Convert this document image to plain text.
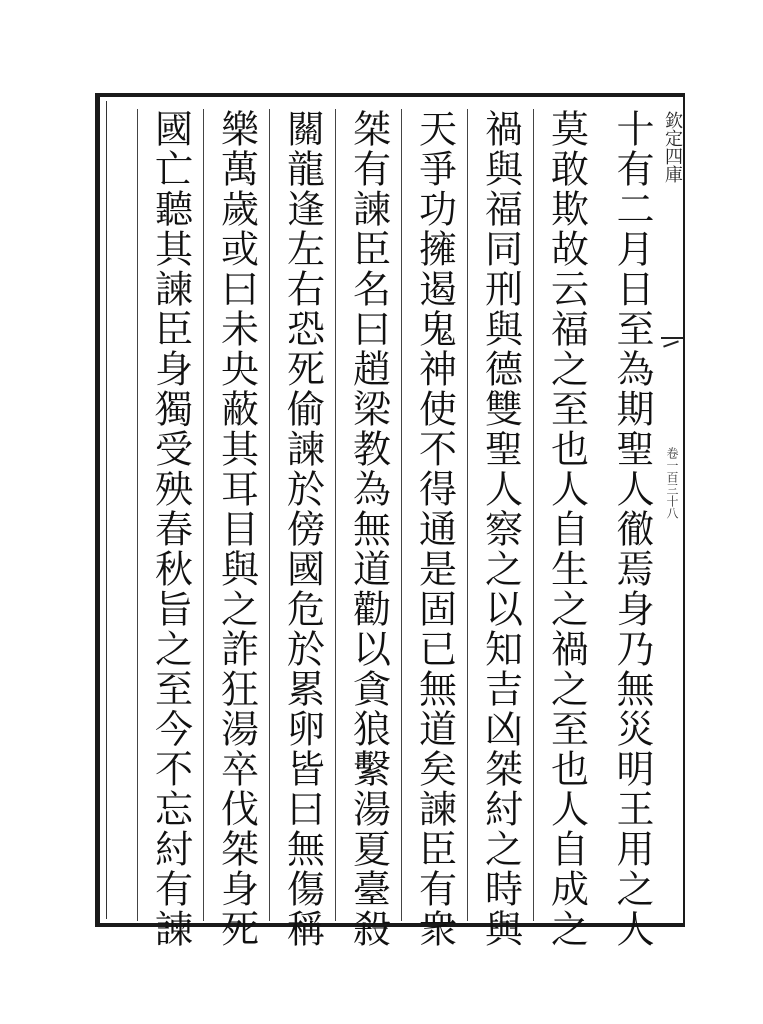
十有二月日至為期聖人徹焉身乃無災明王用之人
莫敢欺故云福之至也人自生之禍之至也人自成之
禍與福同刑與德雙聖人察之以知吉凶桀紂之時與
天爭功擁遏鬼神使不得通是固已無道矣諫臣有衆
桀有諫臣名曰趙梁教為無道勸以貪狼繫湯夏臺殺
關龍逢左右恐死偷諫於傍國危於累卵皆曰無傷稱
樂萬歲或曰未央蔽其耳目與之詐狂湯卒伐桀身死
國亡聽其諫臣身獨受殃春秋旨之至今不忘紂有諫	欽定四庫
卷一百三十八
